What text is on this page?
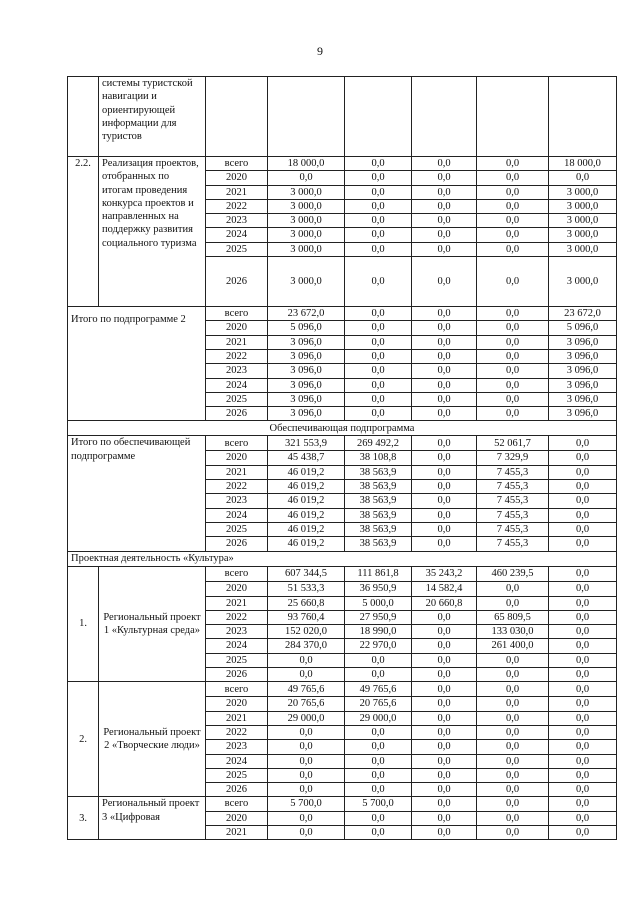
9
	системы туристской навигации и ориентирующей информации для туристов						
2.2.	Реализация проектов, отобранных по итогам проведения конкурса проектов и направленных на поддержку развития социального туризма	всего	18 000,0	0,0	0,0	0,0	18 000,0
		2020	0,0	0,0	0,0	0,0	0,0
		2021	3 000,0	0,0	0,0	0,0	3 000,0
		2022	3 000,0	0,0	0,0	0,0	3 000,0
		2023	3 000,0	0,0	0,0	0,0	3 000,0
		2024	3 000,0	0,0	0,0	0,0	3 000,0
		2025	3 000,0	0,0	0,0	0,0	3 000,0
		2026	3 000,0	0,0	0,0	0,0	3 000,0
Итого по подпрограмме 2		всего	23 672,0	0,0	0,0	0,0	23 672,0
		2020	5 096,0	0,0	0,0	0,0	5 096,0
		2021	3 096,0	0,0	0,0	0,0	3 096,0
		2022	3 096,0	0,0	0,0	0,0	3 096,0
		2023	3 096,0	0,0	0,0	0,0	3 096,0
		2024	3 096,0	0,0	0,0	0,0	3 096,0
		2025	3 096,0	0,0	0,0	0,0	3 096,0
		2026	3 096,0	0,0	0,0	0,0	3 096,0
Обеспечивающая подпрограмма							
Итого по обеспечивающей подпрограмме		всего	321 553,9	269 492,2	0,0	52 061,7	0,0
		2020	45 438,7	38 108,8	0,0	7 329,9	0,0
		2021	46 019,2	38 563,9	0,0	7 455,3	0,0
		2022	46 019,2	38 563,9	0,0	7 455,3	0,0
		2023	46 019,2	38 563,9	0,0	7 455,3	0,0
		2024	46 019,2	38 563,9	0,0	7 455,3	0,0
		2025	46 019,2	38 563,9	0,0	7 455,3	0,0
		2026	46 019,2	38 563,9	0,0	7 455,3	0,0
Проектная деятельность «Культура»							
1.	Региональный проект 1 «Культурная среда»	всего	607 344,5	111 861,8	35 243,2	460 239,5	0,0
		2020	51 533,3	36 950,9	14 582,4	0,0	0,0
		2021	25 660,8	5 000,0	20 660,8	0,0	0,0
		2022	93 760,4	27 950,9	0,0	65 809,5	0,0
		2023	152 020,0	18 990,0	0,0	133 030,0	0,0
		2024	284 370,0	22 970,0	0,0	261 400,0	0,0
		2025	0,0	0,0	0,0	0,0	0,0
		2026	0,0	0,0	0,0	0,0	0,0
2.	Региональный проект 2 «Творческие люди»	всего	49 765,6	49 765,6	0,0	0,0	0,0
		2020	20 765,6	20 765,6	0,0	0,0	0,0
		2021	29 000,0	29 000,0	0,0	0,0	0,0
		2022	0,0	0,0	0,0	0,0	0,0
		2023	0,0	0,0	0,0	0,0	0,0
		2024	0,0	0,0	0,0	0,0	0,0
		2025	0,0	0,0	0,0	0,0	0,0
		2026	0,0	0,0	0,0	0,0	0,0
3.	Региональный проект 3 «Цифровая	всего	5 700,0	5 700,0	0,0	0,0	0,0
		2020	0,0	0,0	0,0	0,0	0,0
		2021	0,0	0,0	0,0	0,0	0,0
